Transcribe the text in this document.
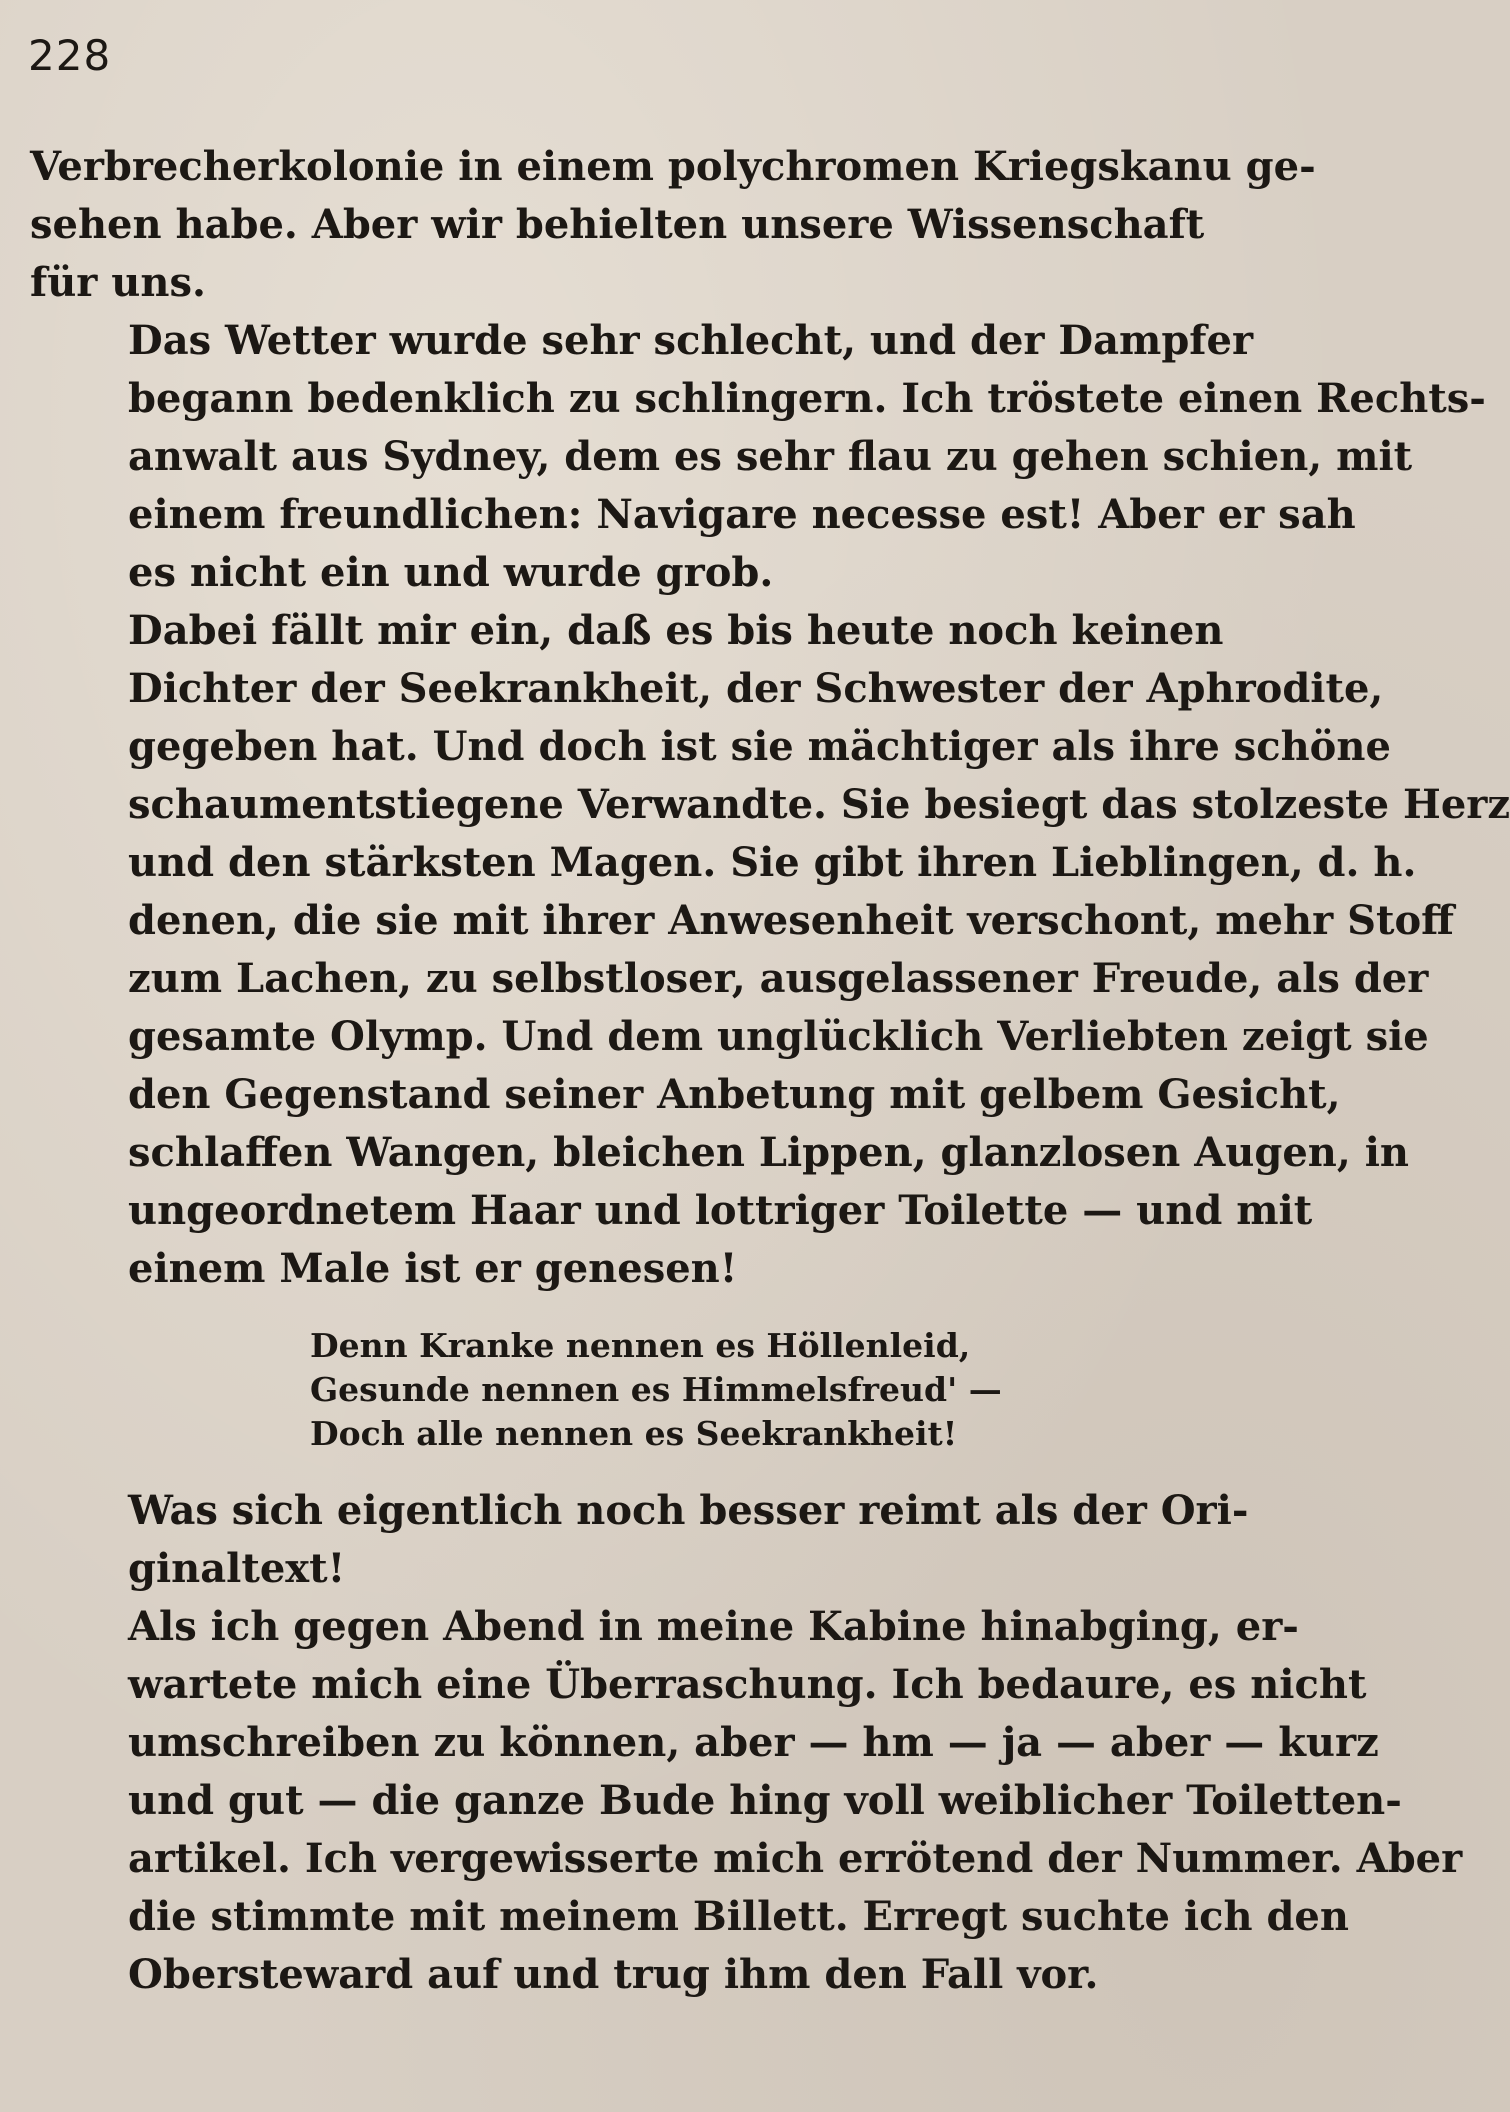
228
Verbrecherkolonie in einem polychromen Kriegskanu ge-
sehen habe. Aber wir behielten unsere Wissenschaft
für uns.
Das Wetter wurde sehr schlecht, und der Dampfer
begann bedenklich zu schlingern. Ich tröstete einen Rechts-
anwalt aus Sydney, dem es sehr flau zu gehen schien, mit
einem freundlichen: Navigare necesse est! Aber er sah
es nicht ein und wurde grob.
Dabei fällt mir ein, daß es bis heute noch keinen
Dichter der Seekrankheit, der Schwester der Aphrodite,
gegeben hat. Und doch ist sie mächtiger als ihre schöne
schaumentstiegene Verwandte. Sie besiegt das stolzeste Herz
und den stärksten Magen. Sie gibt ihren Lieblingen, d. h.
denen, die sie mit ihrer Anwesenheit verschont, mehr Stoff
zum Lachen, zu selbstloser, ausgelassener Freude, als der
gesamte Olymp. Und dem unglücklich Verliebten zeigt sie
den Gegenstand seiner Anbetung mit gelbem Gesicht,
schlaffen Wangen, bleichen Lippen, glanzlosen Augen, in
ungeordnetem Haar und lottriger Toilette — und mit
einem Male ist er genesen!
Denn Kranke nennen es Höllenleid,
Gesunde nennen es Himmelsfreud' —
Doch alle nennen es Seekrankheit!
Was sich eigentlich noch besser reimt als der Ori-
ginaltext!
Als ich gegen Abend in meine Kabine hinabging, er-
wartete mich eine Überraschung. Ich bedaure, es nicht
umschreiben zu können, aber — hm — ja — aber — kurz
und gut — die ganze Bude hing voll weiblicher Toiletten-
artikel. Ich vergewisserte mich errötend der Nummer. Aber
die stimmte mit meinem Billett. Erregt suchte ich den
Obersteward auf und trug ihm den Fall vor.
